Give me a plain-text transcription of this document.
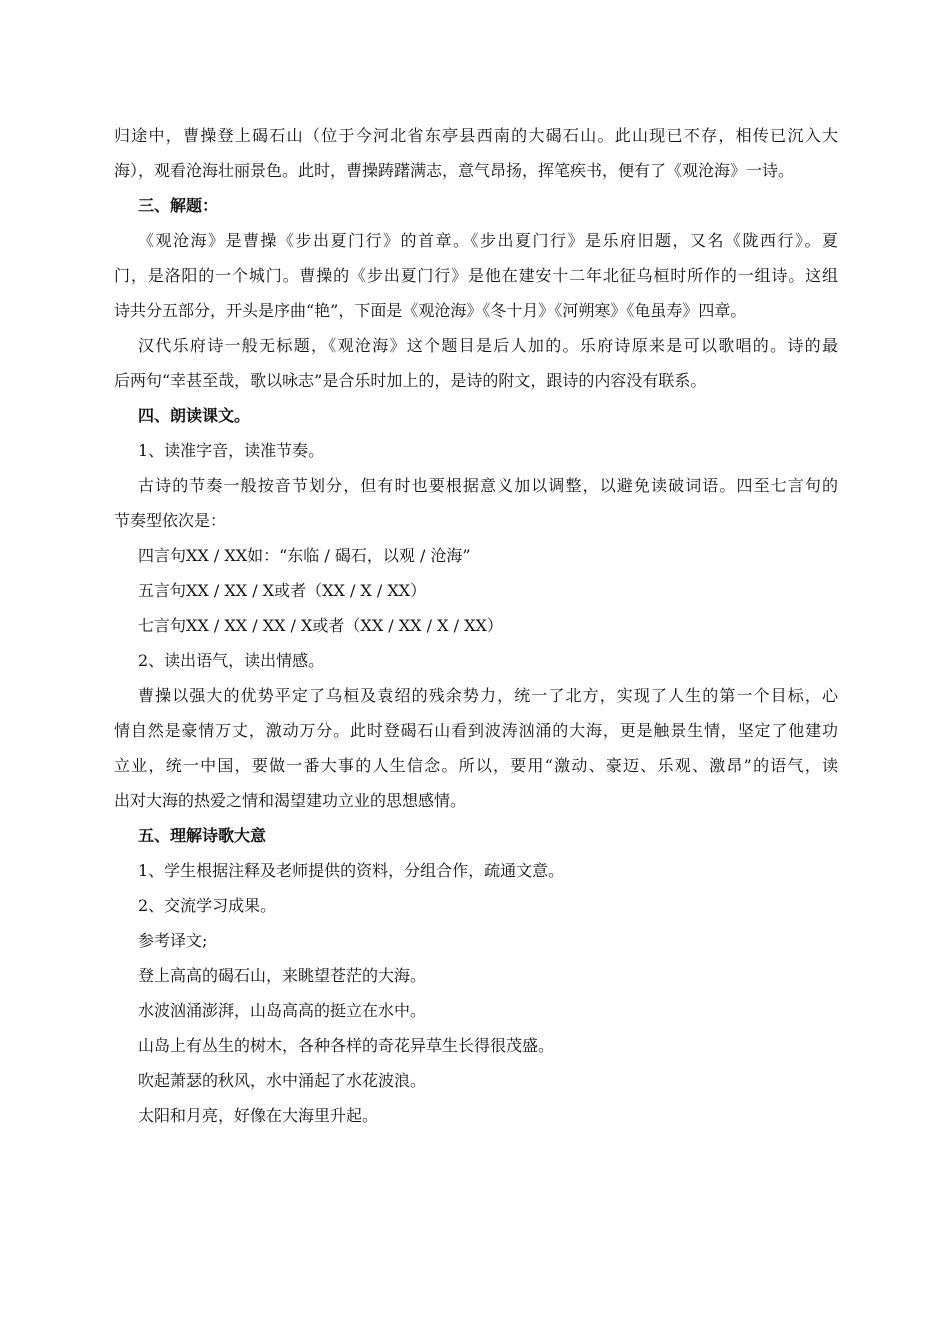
归途中，曹操登上碣石山（位于今河北省东亭县西南的大碣石山。此山现已不存，相传已沉入大
海），观看沧海壮丽景色。此时，曹操踌躇满志，意气昂扬，挥笔疾书，便有了《观沧海》一诗。
三、解题：
《观沧海》是曹操《步出夏门行》的首章。《步出夏门行》是乐府旧题，又名《陇西行》。夏
门，是洛阳的一个城门。曹操的《步出夏门行》是他在建安十二年北征乌桓时所作的一组诗。这组
诗共分五部分，开头是序曲“艳”，下面是《观沧海》《冬十月》《河朔寒》《龟虽寿》四章。
汉代乐府诗一般无标题，《观沧海》这个题目是后人加的。乐府诗原来是可以歌唱的。诗的最
后两句“幸甚至哉，歌以咏志”是合乐时加上的，是诗的附文，跟诗的内容没有联系。
四、朗读课文。
1、读准字音，读准节奏。
古诗的节奏一般按音节划分，但有时也要根据意义加以调整，以避免读破词语。四至七言句的
节奏型依次是：
四言句XX / XX如：“东临 / 碣石，以观 / 沧海”
五言句XX / XX / X或者（XX / X / XX）
七言句XX / XX / XX / X或者（XX / XX / X / XX）
2、读出语气，读出情感。
曹操以强大的优势平定了乌桓及袁绍的残余势力，统一了北方，实现了人生的第一个目标，心
情自然是豪情万丈，激动万分。此时登碣石山看到波涛汹涌的大海，更是触景生情，坚定了他建功
立业，统一中国，要做一番大事的人生信念。所以，要用“激动、豪迈、乐观、激昂”的语气，读
出对大海的热爱之情和渴望建功立业的思想感情。
五、理解诗歌大意
1、学生根据注释及老师提供的资料，分组合作，疏通文意。
2、交流学习成果。
参考译文;
登上高高的碣石山，来眺望苍茫的大海。
水波汹涌澎湃，山岛高高的挺立在水中。
山岛上有丛生的树木，各种各样的奇花异草生长得很茂盛。
吹起萧瑟的秋风，水中涌起了水花波浪。
太阳和月亮，好像在大海里升起。
